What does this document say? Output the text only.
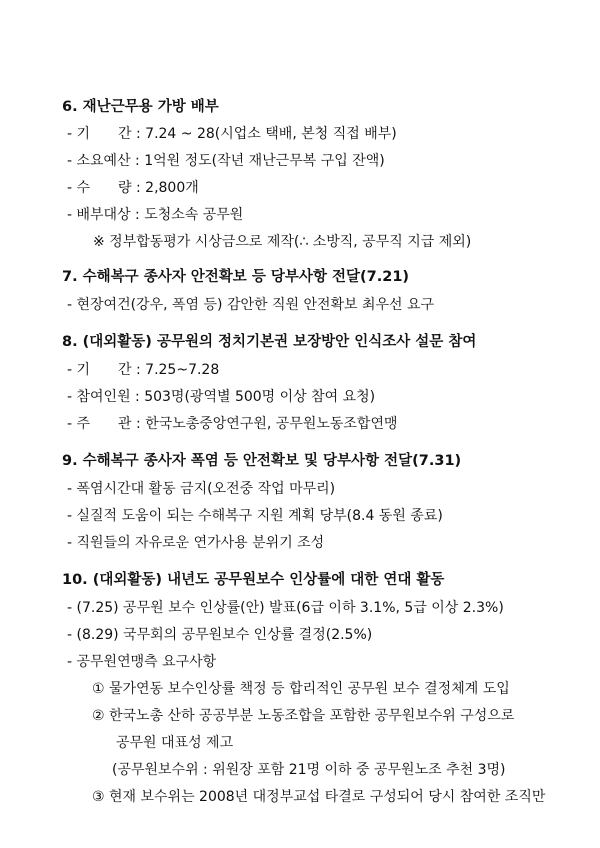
6. 재난근무용 가방 배부
- 기　　간 : 7.24 ~ 28(시업소 택배, 본청 직접 배부)
- 소요예산 : 1억원 정도(작년 재난근무복 구입 잔액)
- 수　　량 : 2,800개
- 배부대상 : 도청소속 공무원
※ 정부합동평가 시상금으로 제작(∴ 소방직, 공무직 지급 제외)
7. 수해복구 종사자 안전확보 등 당부사항 전달(7.21)
- 현장여건(강우, 폭염 등) 감안한 직원 안전확보 최우선 요구
8. (대외활동) 공무원의 정치기본권 보장방안 인식조사 설문 참여
- 기　　간 : 7.25~7.28
- 참여인원 : 503명(광역별 500명 이상 참여 요청)
- 주　　관 : 한국노총중앙연구원, 공무원노동조합연맹
9. 수해복구 종사자 폭염 등 안전확보 및 당부사항 전달(7.31)
- 폭염시간대 활동 금지(오전중 작업 마무리)
- 실질적 도움이 되는 수해복구 지원 계획 당부(8.4 동원 종료)
- 직원들의 자유로운 연가사용 분위기 조성
10. (대외활동) 내년도 공무원보수 인상률에 대한 연대 활동
- (7.25) 공무원 보수 인상률(안) 발표(6급 이하 3.1%, 5급 이상 2.3%)
- (8.29) 국무회의 공무원보수 인상률 결정(2.5%)
- 공무원연맹측 요구사항
① 물가연동 보수인상률 책정 등 합리적인 공무원 보수 결정체계 도입
② 한국노총 산하 공공부분 노동조합을 포함한 공무원보수위 구성으로
공무원 대표성 제고
(공무원보수위 : 위원장 포함 21명 이하 중 공무원노조 추천 3명)
③ 현재 보수위는 2008년 대정부교섭 타결로 구성되어 당시 참여한 조직만
